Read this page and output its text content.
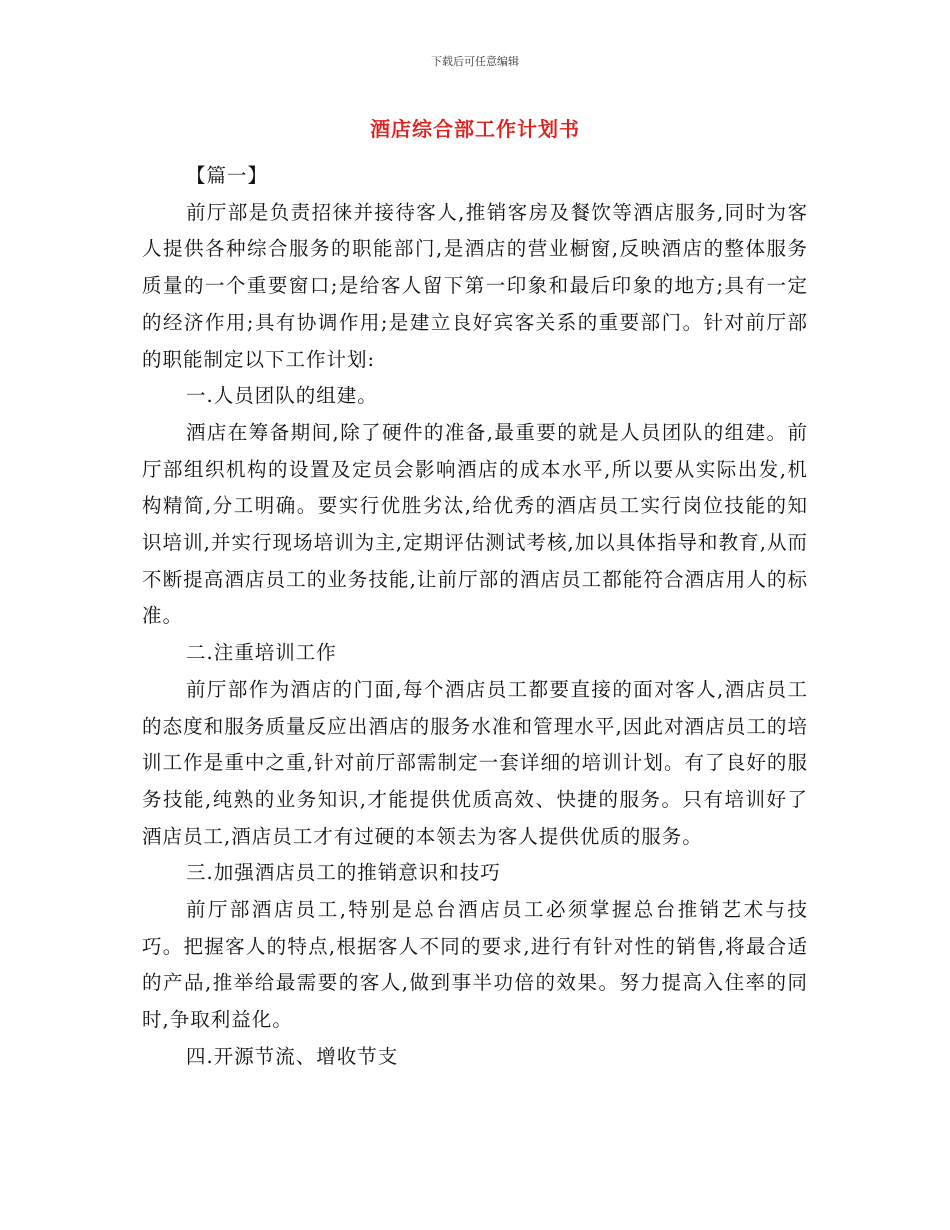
下载后可任意编辑
酒店综合部工作计划书

【篇一】

前厅部是负责招徕并接待客人,推销客房及餐饮等酒店服务,同时为客人提供各种综合服务的职能部门,是酒店的营业橱窗,反映酒店的整体服务质量的一个重要窗口;是给客人留下第一印象和最后印象的地方;具有一定的经济作用;具有协调作用;是建立良好宾客关系的重要部门。针对前厅部的职能制定以下工作计划:

一.人员团队的组建。

酒店在筹备期间,除了硬件的准备,最重要的就是人员团队的组建。前厅部组织机构的设置及定员会影响酒店的成本水平,所以要从实际出发,机构精简,分工明确。要实行优胜劣汰,给优秀的酒店员工实行岗位技能的知识培训,并实行现场培训为主,定期评估测试考核,加以具体指导和教育,从而不断提高酒店员工的业务技能,让前厅部的酒店员工都能符合酒店用人的标准。

二.注重培训工作

前厅部作为酒店的门面,每个酒店员工都要直接的面对客人,酒店员工的态度和服务质量反应出酒店的服务水准和管理水平,因此对酒店员工的培训工作是重中之重,针对前厅部需制定一套详细的培训计划。有了良好的服务技能,纯熟的业务知识,才能提供优质高效、快捷的服务。只有培训好了酒店员工,酒店员工才有过硬的本领去为客人提供优质的服务。

三.加强酒店员工的推销意识和技巧

前厅部酒店员工,特别是总台酒店员工必须掌握总台推销艺术与技巧。把握客人的特点,根据客人不同的要求,进行有针对性的销售,将最合适的产品,推举给最需要的客人,做到事半功倍的效果。努力提高入住率的同时,争取利益化。

四.开源节流、增收节支
